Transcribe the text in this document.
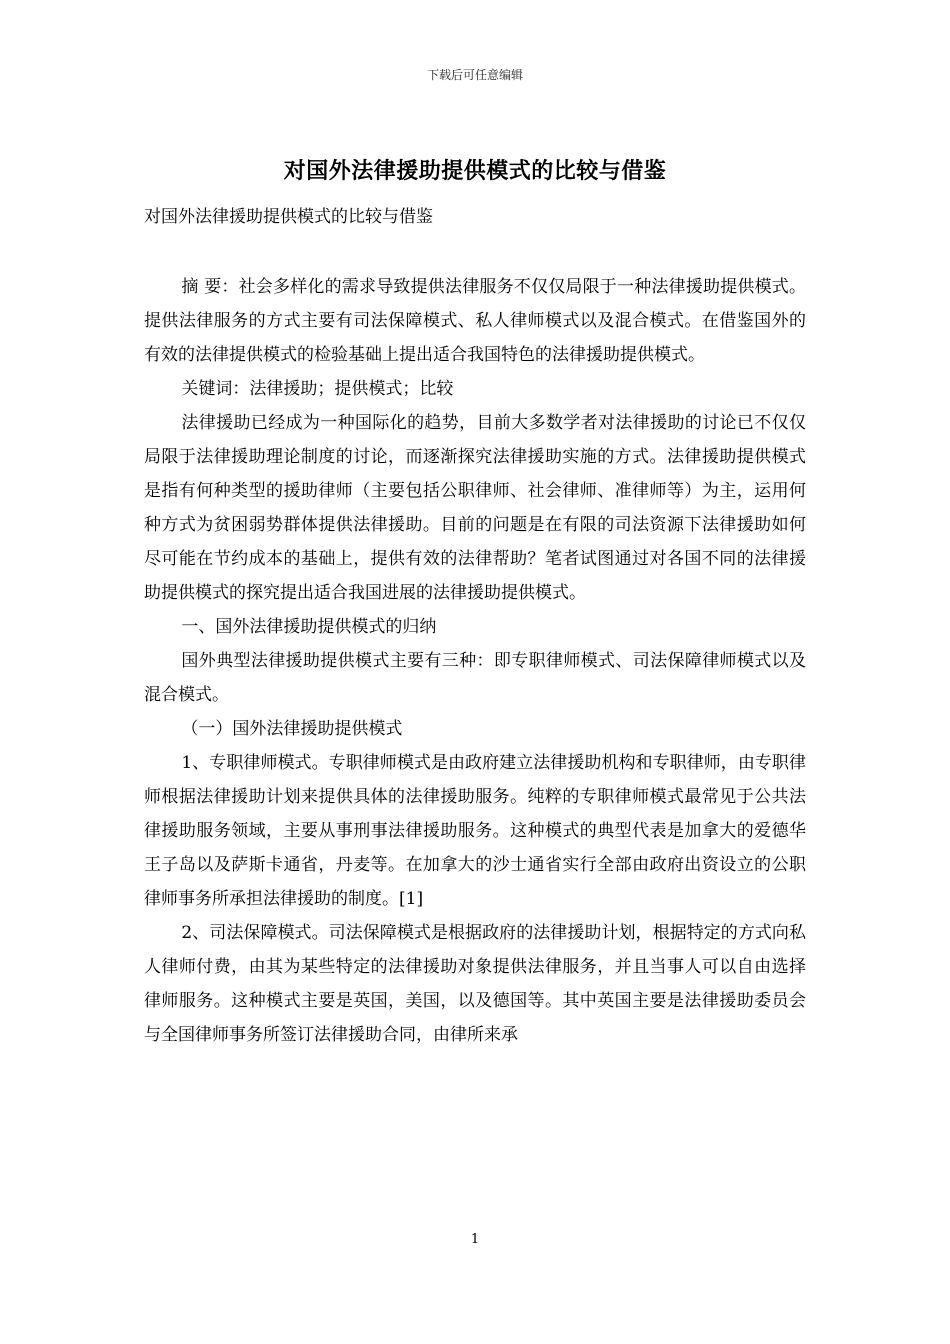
下载后可任意编辑
对国外法律援助提供模式的比较与借鉴
对国外法律援助提供模式的比较与借鉴

摘 要：社会多样化的需求导致提供法律服务不仅仅局限于一种法律援助提供模式。提供法律服务的方式主要有司法保障模式、私人律师模式以及混合模式。在借鉴国外的有效的法律提供模式的检验基础上提出适合我国特色的法律援助提供模式。

关键词：法律援助；提供模式；比较

法律援助已经成为一种国际化的趋势，目前大多数学者对法律援助的讨论已不仅仅局限于法律援助理论制度的讨论，而逐渐探究法律援助实施的方式。法律援助提供模式是指有何种类型的援助律师（主要包括公职律师、社会律师、准律师等）为主，运用何种方式为贫困弱势群体提供法律援助。目前的问题是在有限的司法资源下法律援助如何尽可能在节约成本的基础上，提供有效的法律帮助？笔者试图通过对各国不同的法律援助提供模式的探究提出适合我国进展的法律援助提供模式。

一、国外法律援助提供模式的归纳

国外典型法律援助提供模式主要有三种：即专职律师模式、司法保障律师模式以及混合模式。

（一）国外法律援助提供模式

1、专职律师模式。专职律师模式是由政府建立法律援助机构和专职律师，由专职律师根据法律援助计划来提供具体的法律援助服务。纯粹的专职律师模式最常见于公共法律援助服务领域，主要从事刑事法律援助服务。这种模式的典型代表是加拿大的爱德华王子岛以及萨斯卡通省，丹麦等。在加拿大的沙士通省实行全部由政府出资设立的公职律师事务所承担法律援助的制度。[1]

2、司法保障模式。司法保障模式是根据政府的法律援助计划，根据特定的方式向私人律师付费，由其为某些特定的法律援助对象提供法律服务，并且当事人可以自由选择律师服务。这种模式主要是英国，美国，以及德国等。其中英国主要是法律援助委员会与全国律师事务所签订法律援助合同，由律所来承

1
